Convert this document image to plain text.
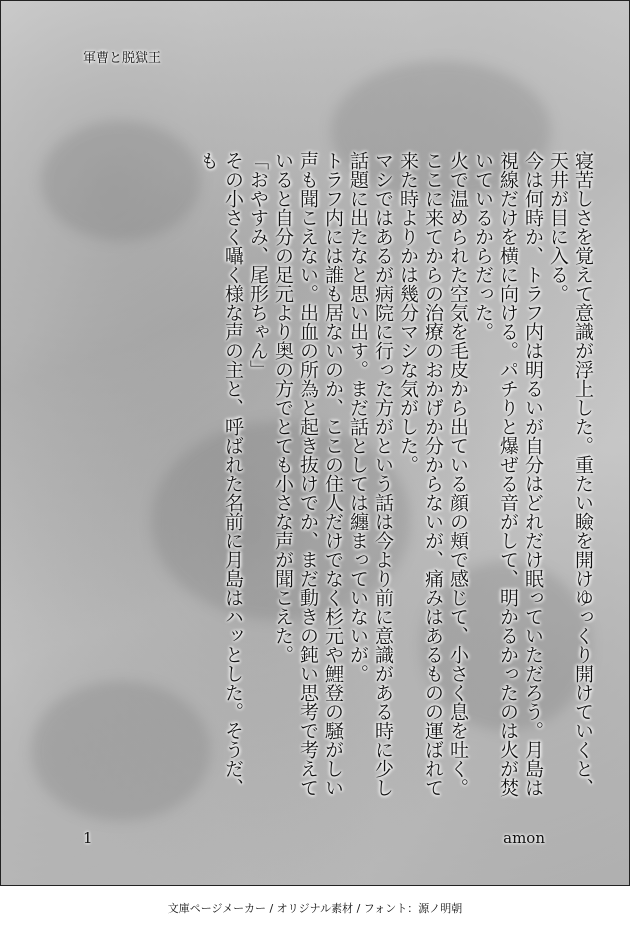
軍曹と脱獄王

寝苦しさを覚えて意識が浮上した。重たい瞼を開けゆっくり開けていくと、天井が目に入る。

今は何時か、トラフ内は明るいが自分はどれだけ眠っていただろう。月島は視線だけを横に向ける。パチりと爆ぜる音がして、明かるかったのは火が焚いているからだった。

火で温められた空気を毛皮から出ている顔の頬で感じて、小さく息を吐く。ここに来てからの治療のおかげか分からないが、痛みはあるものの運ばれて来た時よりかは幾分マシな気がした。

マシではあるが病院に行った方がという話は今より前に意識がある時に少し話題に出たなと思い出す。まだ話としては纏まっていないが。

トラフ内には誰も居ないのか、ここの住人だけでなく杉元や鯉登の騒がしい声も聞こえない。出血の所為と起き抜けでか、まだ動きの鈍い思考で考えていると自分の足元より奥の方でとても小さな声が聞こえた。

「おやすみ、尾形ちゃん」

その小さく囁く様な声の主と、呼ばれた名前に月島はハッとした。そうだ、も

1	amon
文庫ページメーカー / オリジナル素材 / フォント：源ノ明朝
